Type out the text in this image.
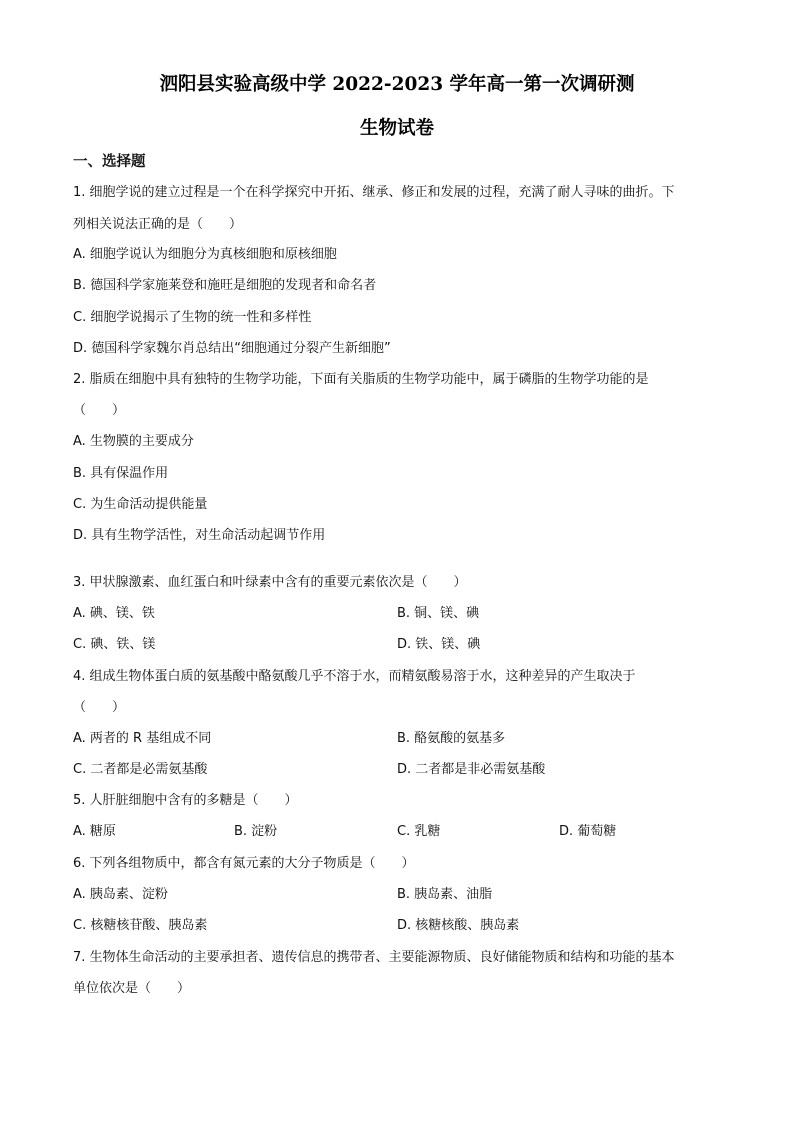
泗阳县实验高级中学 2022-2023 学年高一第一次调研测
生物试卷
一、选择题
1. 细胞学说的建立过程是一个在科学探究中开拓、继承、修正和发展的过程，充满了耐人寻味的曲折。下
列相关说法正确的是（　　）
A. 细胞学说认为细胞分为真核细胞和原核细胞
B. 德国科学家施莱登和施旺是细胞的发现者和命名者
C. 细胞学说揭示了生物的统一性和多样性
D. 德国科学家魏尔肖总结出“细胞通过分裂产生新细胞”
2. 脂质在细胞中具有独特的生物学功能，下面有关脂质的生物学功能中，属于磷脂的生物学功能的是
（　　）
A. 生物膜的主要成分
B. 具有保温作用
C. 为生命活动提供能量
D. 具有生物学活性，对生命活动起调节作用
3. 甲状腺激素、血红蛋白和叶绿素中含有的重要元素依次是（　　）
A. 碘、镁、铁	B. 铜、镁、碘
C. 碘、铁、镁	D. 铁、镁、碘
4. 组成生物体蛋白质的氨基酸中酪氨酸几乎不溶于水，而精氨酸易溶于水，这种差异的产生取决于
（　　）
A. 两者的 R 基组成不同	B. 酪氨酸的氨基多
C. 二者都是必需氨基酸	D. 二者都是非必需氨基酸
5. 人肝脏细胞中含有的多糖是（　　）
A. 糖原	B. 淀粉	C. 乳糖	D. 葡萄糖
6. 下列各组物质中，都含有氮元素的大分子物质是（　　）
A. 胰岛素、淀粉	B. 胰岛素、油脂
C. 核糖核苷酸、胰岛素	D. 核糖核酸、胰岛素
7. 生物体生命活动的主要承担者、遗传信息的携带者、主要能源物质、良好储能物质和结构和功能的基本
单位依次是（　　）
